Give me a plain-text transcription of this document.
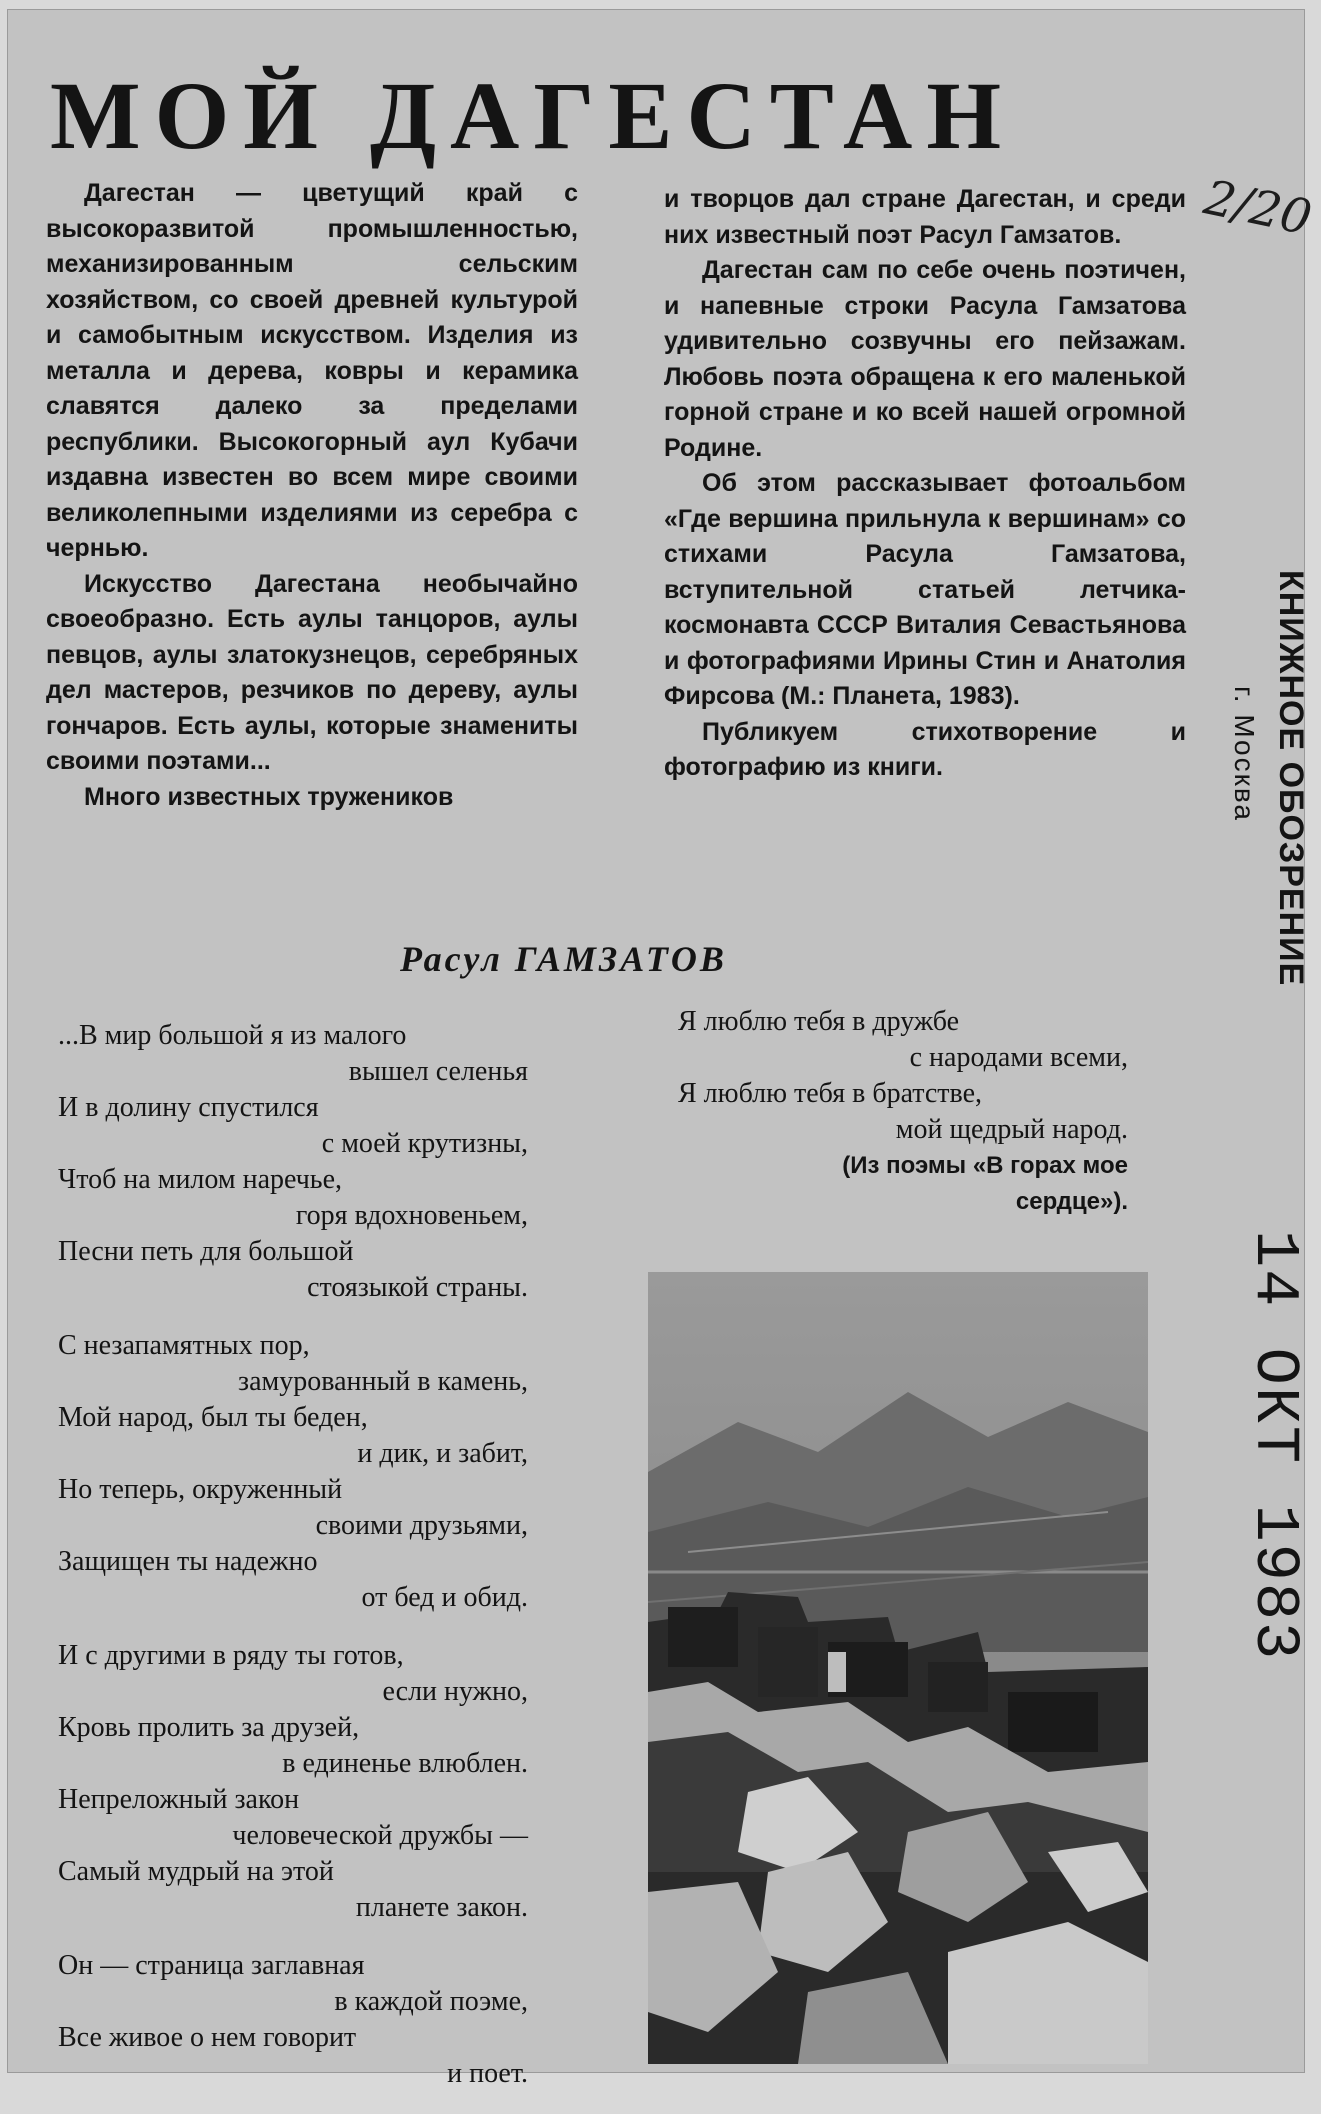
МОЙ ДАГЕСТАН

Дагестан — цветущий край с высокоразвитой промышленностью, механизированным сельским хозяйством, со своей древней культурой и самобытным искусством. Изделия из металла и дерева, ковры и керамика славятся далеко за пределами республики. Высокогорный аул Кубачи издавна известен во всем мире своими великолепными изделиями из серебра с чернью.

Искусство Дагестана необычайно своеобразно. Есть аулы танцоров, аулы певцов, аулы златокузнецов, серебряных дел мастеров, резчиков по дереву, аулы гончаров. Есть аулы, которые знамениты своими поэтами...

Много известных тружеников

и творцов дал стране Дагестан, и среди них известный поэт Расул Гамзатов.

Дагестан сам по себе очень поэтичен, и напевные строки Расула Гамзатова удивительно созвучны его пейзажам. Любовь поэта обращена к его маленькой горной стране и ко всей нашей огромной Родине.

Об этом рассказывает фотоальбом «Где вершина прильнула к вершинам» со стихами Расула Гамзатова, вступительной статьей летчика-космонавта СССР Виталия Севастьянова и фотографиями Ирины Стин и Анатолия Фирсова (М.: Планета, 1983).

Публикуем стихотворение и фотографию из книги.

Расул ГАМЗАТОВ
...В мир большой я из малого
вышел селенья
И в долину спустился
с моей крутизны,
Чтоб на милом наречье,
горя вдохновеньем,
Песни петь для большой
стоязыкой страны.
С незапамятных пор,
замурованный в камень,
Мой народ, был ты беден,
и дик, и забит,
Но теперь, окруженный
своими друзьями,
Защищен ты надежно
от бед и обид.
И с другими в ряду ты готов,
если нужно,
Кровь пролить за друзей,
в единенье влюблен.
Непреложный закон
человеческой дружбы —
Самый мудрый на этой
планете закон.
Он — страница заглавная
в каждой поэме,
Все живое о нем говорит
и поет.
Я люблю тебя в дружбе
с народами всеми,
Я люблю тебя в братстве,
мой щедрый народ.
(Из поэмы «В горах мое
сердце»).
2/20
КНИЖНОЕ ОБОЗРЕНИЕ
г. Москва
14 ОКТ 1983
